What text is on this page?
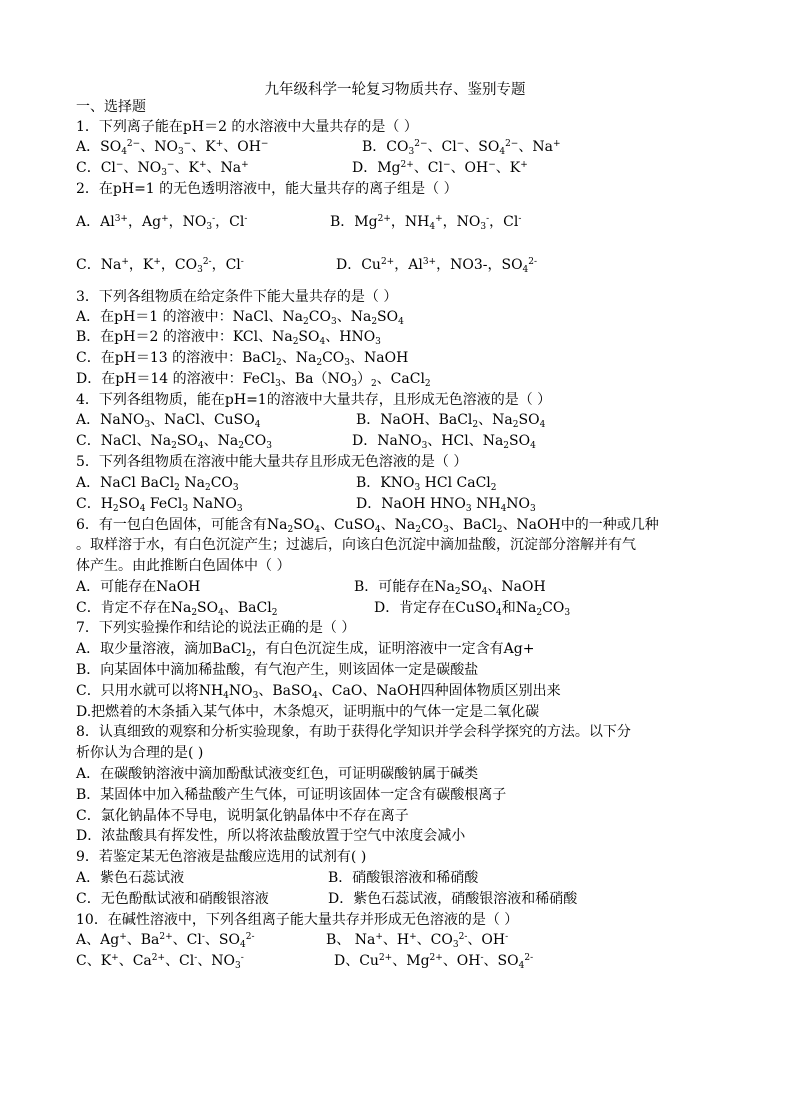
九年级科学一轮复习物质共存、鉴别专题
一、选择题
1．下列离子能在pH＝2 的水溶液中大量共存的是（ ）
A．$SO_4^{2-}$、$NO_3^-$、K+、OH−	B．$CO_3^{2-}$、Cl−、$SO_4^{2-}$、Na+
C．Cl−、$NO_3^-$、K+、Na+	D．$Mg^{2+}$、Cl−、OH−、K+
2．在pH=1 的无色透明溶液中，能大量共存的离子组是（ ）
A．$Al^{3+}$，Ag+，$NO_3^-$，Cl-	B．$Mg^{2+}$，$NH_4^+$，$NO_3^-$，Cl-
C．Na+，K+，$CO_3^{2-}$，Cl-	D．$Cu^{2+}$，$Al^{3+}$，NO3-，$SO_4^{2-}$
3．下列各组物质在给定条件下能大量共存的是（ ）
A．在pH＝1 的溶液中：NaCl、$Na_2CO_3$、$Na_2SO_4$
B．在pH＝2 的溶液中：KCl、$Na_2SO_4$、$HNO_3$
C．在pH＝13 的溶液中：BaCl$_2$、$Na_2CO_3$、NaOH
D．在pH＝14 的溶液中：FeCl$_3$、$Ba(NO_3)_2$、CaCl$_2$
4．下列各组物质，能在pH=1的溶液中大量共存，且形成无色溶液的是（ ）
A．NaNO$_3$、NaCl、CuSO$_4$	B．NaOH、BaCl$_2$、$Na_2SO_4$
C．NaCl、$Na_2SO_4$、$Na_2CO_3$	D．NaNO$_3$、HCl、$Na_2SO_4$
5．下列各组物质在溶液中能大量共存且形成无色溶液的是（ ）
A．NaCl BaCl$_2$ $Na_2CO_3$	B．$KNO_3$ HCl CaCl$_2$
C．$H_2SO_4$ FeCl$_3$ NaNO$_3$	D．NaOH $HNO_3$ $NH_4NO_3$
6．有一包白色固体，可能含有$Na_2SO_4$、CuSO$_4$、$Na_2CO_3$、BaCl$_2$、NaOH中的一种或几种
。取样溶于水，有白色沉淀产生；过滤后，向该白色沉淀中滴加盐酸，沉淀部分溶解并有气
体产生。由此推断白色固体中（ ）
A．可能存在NaOH	B．可能存在$Na_2SO_4$、NaOH
C．肯定不存在$Na_2SO_4$、BaCl$_2$	D．肯定存在CuSO$_4$和$Na_2CO_3$
7．下列实验操作和结论的说法正确的是（ ）
A．取少量溶液，滴加BaCl$_2$，有白色沉淀生成，证明溶液中一定含有Ag+
B．向某固体中滴加稀盐酸，有气泡产生，则该固体一定是碳酸盐
C．只用水就可以将$NH_4NO_3$、BaSO$_4$、CaO、NaOH四种固体物质区别出来
D.把燃着的木条插入某气体中，木条熄灭，证明瓶中的气体一定是二氧化碳
8．认真细致的观察和分析实验现象，有助于获得化学知识并学会科学探究的方法。以下分
析你认为合理的是( )
A．在碳酸钠溶液中滴加酚酞试液变红色，可证明碳酸钠属于碱类
B．某固体中加入稀盐酸产生气体，可证明该固体一定含有碳酸根离子
C．氯化钠晶体不导电，说明氯化钠晶体中不存在离子
D．浓盐酸具有挥发性，所以将浓盐酸放置于空气中浓度会减小
9．若鉴定某无色溶液是盐酸应选用的试剂有( )
A．紫色石蕊试液	B．硝酸银溶液和稀硝酸
C．无色酚酞试液和硝酸银溶液	D．紫色石蕊试液，硝酸银溶液和稀硝酸
10．在碱性溶液中，下列各组离子能大量共存并形成无色溶液的是（ ）
A、Ag+、$Ba^{2+}$、Cl-、$SO_4^{2-}$	B、 Na+、H+、$CO_3^{2-}$、OH-
C、K+、$Ca^{2+}$、Cl-、$NO_3^-$	D、$Cu^{2+}$、$Mg^{2+}$、OH-、$SO_4^{2-}$
